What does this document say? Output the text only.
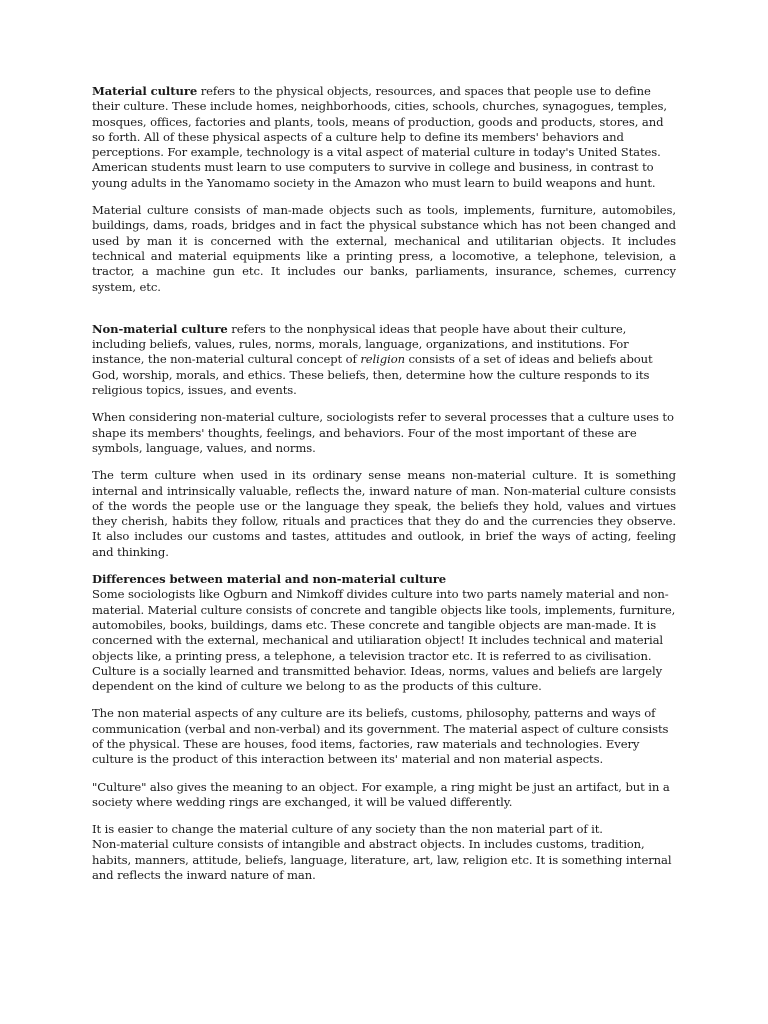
Material culture refers to the physical objects, resources, and spaces that people use to define their culture. These include homes, neighborhoods, cities, schools, churches, synagogues, temples, mosques, offices, factories and plants, tools, means of production, goods and products, stores, and so forth. All of these physical aspects of a culture help to define its members' behaviors and perceptions. For example, technology is a vital aspect of material culture in today's United States. American students must learn to use computers to survive in college and business, in contrast to young adults in the Yanomamo society in the Amazon who must learn to build weapons and hunt.

Material culture consists of man-made objects such as tools, implements, furniture, automobiles, buildings, dams, roads, bridges and in fact the physical substance which has not been changed and used by man it is concerned with the external, mechanical and utilitarian objects. It includes technical and material equipments like a printing press, a locomotive, a telephone, television, a tractor, a machine gun etc. It includes our banks, parliaments, insurance, schemes, currency system, etc.

Non-material culture refers to the nonphysical ideas that people have about their culture, including beliefs, values, rules, norms, morals, language, organizations, and institutions. For instance, the non-material cultural concept of religion consists of a set of ideas and beliefs about God, worship, morals, and ethics. These beliefs, then, determine how the culture responds to its religious topics, issues, and events.

When considering non-material culture, sociologists refer to several processes that a culture uses to shape its members' thoughts, feelings, and behaviors. Four of the most important of these are symbols, language, values, and norms.

The term culture when used in its ordinary sense means non-material culture. It is something internal and intrinsically valuable, reflects the, inward nature of man. Non-material culture consists of the words the people use or the language they speak, the beliefs they hold, values and virtues they cherish, habits they follow, rituals and practices that they do and the currencies they observe. It also includes our customs and tastes, attitudes and outlook, in brief the ways of acting, feeling and thinking.

Differences between material and non-material culture

Some sociologists like Ogburn and Nimkoff divides culture into two parts namely material and non-material. Material culture consists of concrete and tangible objects like tools, implements, furniture, automobiles, books, buildings, dams etc. These concrete and tangible objects are man-made. It is concerned with the external, mechanical and utiliaration object! It includes technical and material objects like, a printing press, a telephone, a television tractor etc. It is referred to as civilisation. Culture is a socially learned and transmitted behavior. Ideas, norms, values and beliefs are largely dependent on the kind of culture we belong to as the products of this culture.

The non material aspects of any culture are its beliefs, customs, philosophy, patterns and ways of communication (verbal and non-verbal) and its government. The material aspect of culture consists of the physical. These are houses, food items, factories, raw materials and technologies. Every culture is the product of this interaction between its' material and non material aspects.

"Culture" also gives the meaning to an object. For example, a ring might be just an artifact, but in a society where wedding rings are exchanged, it will be valued differently.

It is easier to change the material culture of any society than the non material part of it.
Non-material culture consists of intangible and abstract objects. In includes customs, tradition, habits, manners, attitude, beliefs, language, literature, art, law, religion etc. It is something internal and reflects the inward nature of man.
